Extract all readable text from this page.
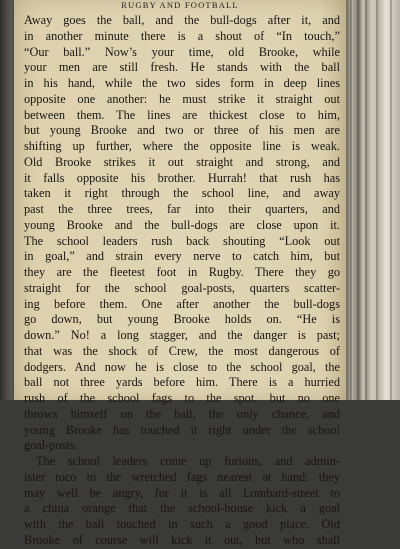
RUGBY AND FOOTBALL
Away goes the ball, and the bull-dogs after it, and
in another minute there is a shout of “In touch,”
“Our ball.” Now’s your time, old Brooke, while
your men are still fresh. He stands with the ball
in his hand, while the two sides form in deep lines
opposite one another: he must strike it straight out
between them. The lines are thickest close to him,
but young Brooke and two or three of his men are
shifting up further, where the opposite line is weak.
Old Brooke strikes it out straight and strong, and
it falls opposite his brother. Hurrah! that rush has
taken it right through the school line, and away
past the three trees, far into their quarters, and
young Brooke and the bull-dogs are close upon it.
The school leaders rush back shouting “Look out
in goal,” and strain every nerve to catch him, but
they are the fleetest foot in Rugby. There they go
straight for the school goal-posts, quarters scatter-
ing before them. One after another the bull-dogs
go down, but young Brooke holds on. “He is
down.” No! a long stagger, and the danger is past;
that was the shock of Crew, the most dangerous of
dodgers. And now he is close to the school goal, the
ball not three yards before him. There is a hurried
rush of the school fags to the spot, but no one
throws himself on the ball, the only chance, and
young Brooke has touched it right under the school
goal-posts.
The school leaders come up furious, and admin-
ister toco to the wretched fags nearest at hand: they
may well be angry, for it is all Lombard-street to
a china orange that the school-house kick a goal
with the ball touched in such a good place. Old
Brooke of course will kick it out, but who shall
